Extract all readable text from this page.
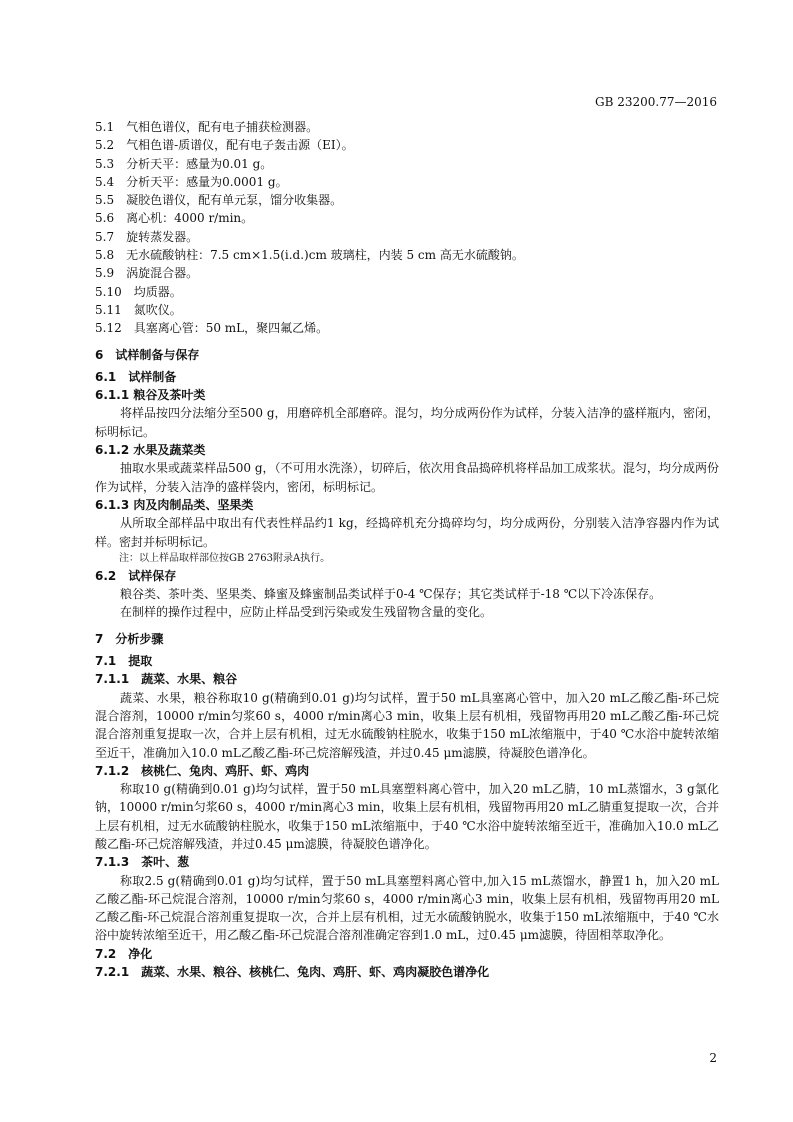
GB 23200.77—2016
5.1　气相色谱仪，配有电子捕获检测器。
5.2　气相色谱-质谱仪，配有电子轰击源（EI）。
5.3　分析天平：感量为0.01 g。
5.4　分析天平：感量为0.0001 g。
5.5　凝胶色谱仪，配有单元泵，馏分收集器。
5.6　离心机：4000 r/min。
5.7　旋转蒸发器。
5.8　无水硫酸钠柱：7.5 cm×1.5(i.d.)cm 玻璃柱，内装 5 cm 高无水硫酸钠。
5.9　涡旋混合器。
5.10　均质器。
5.11　氮吹仪。
5.12　具塞离心管：50 mL，聚四氟乙烯。
6　试样制备与保存
6.1　试样制备
6.1.1 粮谷及茶叶类
将样品按四分法缩分至500 g，用磨碎机全部磨碎。混匀，均分成两份作为试样，分装入洁净的盛样瓶内，密闭，标明标记。
6.1.2 水果及蔬菜类
抽取水果或蔬菜样品500 g，（不可用水洗涤），切碎后，依次用食品捣碎机将样品加工成浆状。混匀，均分成两份作为试样，分装入洁净的盛样袋内，密闭，标明标记。
6.1.3 肉及肉制品类、坚果类
从所取全部样品中取出有代表性样品约1 kg，经捣碎机充分捣碎均匀，均分成两份，分别装入洁净容器内作为试样。密封并标明标记。
注：以上样品取样部位按GB 2763附录A执行。
6.2　试样保存
粮谷类、茶叶类、坚果类、蜂蜜及蜂蜜制品类试样于0-4 ℃保存；其它类试样于-18 ℃以下冷冻保存。
在制样的操作过程中，应防止样品受到污染或发生残留物含量的变化。
7　分析步骤
7.1　提取
7.1.1　蔬菜、水果、粮谷
蔬菜、水果，粮谷称取10 g(精确到0.01 g)均匀试样，置于50 mL具塞离心管中，加入20 mL乙酸乙酯-环己烷混合溶剂，10000 r/min匀浆60 s，4000 r/min离心3 min，收集上层有机相，残留物再用20 mL乙酸乙酯-环己烷混合溶剂重复提取一次，合并上层有机相，过无水硫酸钠柱脱水，收集于150 mL浓缩瓶中，于40 ℃水浴中旋转浓缩至近干，准确加入10.0 mL乙酸乙酯-环己烷溶解残渣，并过0.45 μm滤膜，待凝胶色谱净化。
7.1.2　核桃仁、兔肉、鸡肝、虾、鸡肉
称取10 g(精确到0.01 g)均匀试样，置于50 mL具塞塑料离心管中，加入20 mL乙腈，10 mL蒸馏水，3 g氯化钠，10000 r/min匀浆60 s，4000 r/min离心3 min，收集上层有机相，残留物再用20 mL乙腈重复提取一次，合并上层有机相，过无水硫酸钠柱脱水，收集于150 mL浓缩瓶中，于40 ℃水浴中旋转浓缩至近干，准确加入10.0 mL乙酸乙酯-环己烷溶解残渣，并过0.45 μm滤膜，待凝胶色谱净化。
7.1.3　茶叶、葱
称取2.5 g(精确到0.01 g)均匀试样，置于50 mL具塞塑料离心管中,加入15 mL蒸馏水，静置1 h，加入20 mL乙酸乙酯-环己烷混合溶剂，10000 r/min匀浆60 s，4000 r/min离心3 min，收集上层有机相，残留物再用20 mL乙酸乙酯-环己烷混合溶剂重复提取一次，合并上层有机相，过无水硫酸钠脱水，收集于150 mL浓缩瓶中，于40 ℃水浴中旋转浓缩至近干，用乙酸乙酯-环己烷混合溶剂准确定容到1.0 mL，过0.45 μm滤膜，待固相萃取净化。
7.2　净化
7.2.1　蔬菜、水果、粮谷、核桃仁、兔肉、鸡肝、虾、鸡肉凝胶色谱净化
2
